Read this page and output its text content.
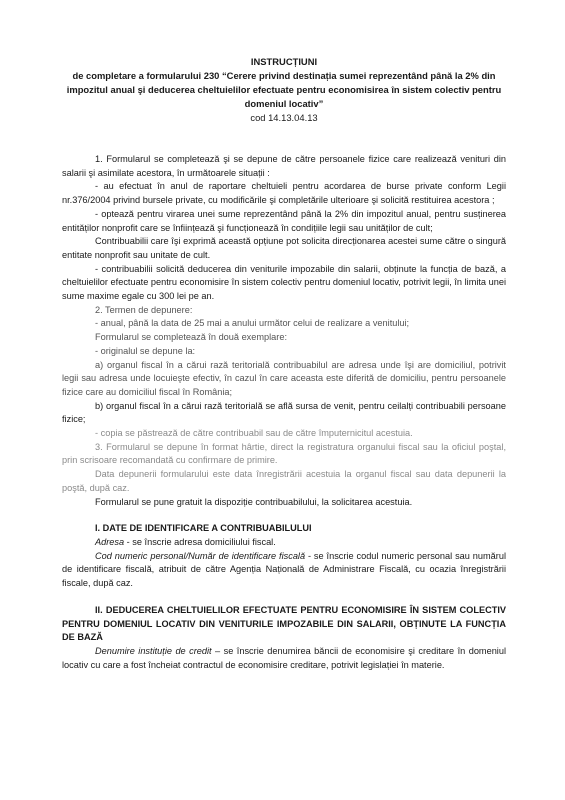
INSTRUCȚIUNI
de completare a formularului 230 “Cerere privind destinația sumei reprezentând până la 2% din impozitul anual şi deducerea cheltuielilor efectuate pentru economisirea în sistem colectiv pentru domeniul locativ”
cod 14.13.04.13

1. Formularul se completează şi se depune de către persoanele fizice care realizează venituri din salarii şi asimilate acestora, în următoarele situații :

- au efectuat în anul de raportare cheltuieli pentru acordarea de burse private conform Legii nr.376/2004 privind bursele private, cu modificările şi completările ulterioare şi solicită restituirea acestora ;

- optează pentru virarea unei sume reprezentând până la 2% din impozitul anual, pentru susținerea entităților nonprofit care se înființează şi funcționează în condițiile legii sau unităților de cult;

Contribuabilii care îşi exprimă această opțiune pot solicita direcționarea acestei sume către o singură entitate nonprofit sau unitate de cult.

- contribuabilii solicită deducerea din veniturile impozabile din salarii, obținute la funcția de bază, a cheltuielilor efectuate pentru economisire în sistem colectiv pentru domeniul locativ, potrivit legii, în limita unei sume maxime egale cu 300 lei pe an.

2. Termen de depunere:

- anual, până la data de 25 mai a anului următor celui de realizare a venitului;

Formularul se completează în două exemplare:

- originalul se depune la:

a) organul fiscal în a cărui rază teritorială contribuabilul are adresa unde îşi are domiciliul, potrivit legii sau adresa unde locuieşte efectiv, în cazul în care aceasta este diferită de domiciliu, pentru persoanele fizice care au domiciliul fiscal în România;

b) organul fiscal în a cărui rază teritorială se află sursa de venit, pentru ceilalți contribuabili persoane fizice;

- copia se păstrează de către contribuabil sau de către împuternicitul acestuia.

3. Formularul se depune în format hârtie, direct la registratura organului fiscal sau la oficiul poştal, prin scrisoare recomandată cu confirmare de primire.

Data depunerii formularului este data înregistrării acestuia la organul fiscal sau data depunerii la poştă, după caz.

Formularul se pune gratuit la dispoziție contribuabilului, la solicitarea acestuia.

I. DATE DE IDENTIFICARE A CONTRIBUABILULUI

Adresa - se înscrie adresa domiciliului fiscal.

Cod numeric personal/Număr de identificare fiscală - se înscrie codul numeric personal sau numărul de identificare fiscală, atribuit de către Agenția Națională de Administrare Fiscală, cu ocazia înregistrării fiscale, după caz.

II. DEDUCEREA CHELTUIELILOR EFECTUATE PENTRU ECONOMISIRE ÎN SISTEM COLECTIV PENTRU DOMENIUL LOCATIV DIN VENITURILE IMPOZABILE DIN SALARII, OBȚINUTE LA FUNCȚIA DE BAZĂ

Denumire instituție de credit – se înscrie denumirea băncii de economisire şi creditare în domeniul locativ cu care a fost încheiat contractul de economisire creditare, potrivit legislației în materie.
